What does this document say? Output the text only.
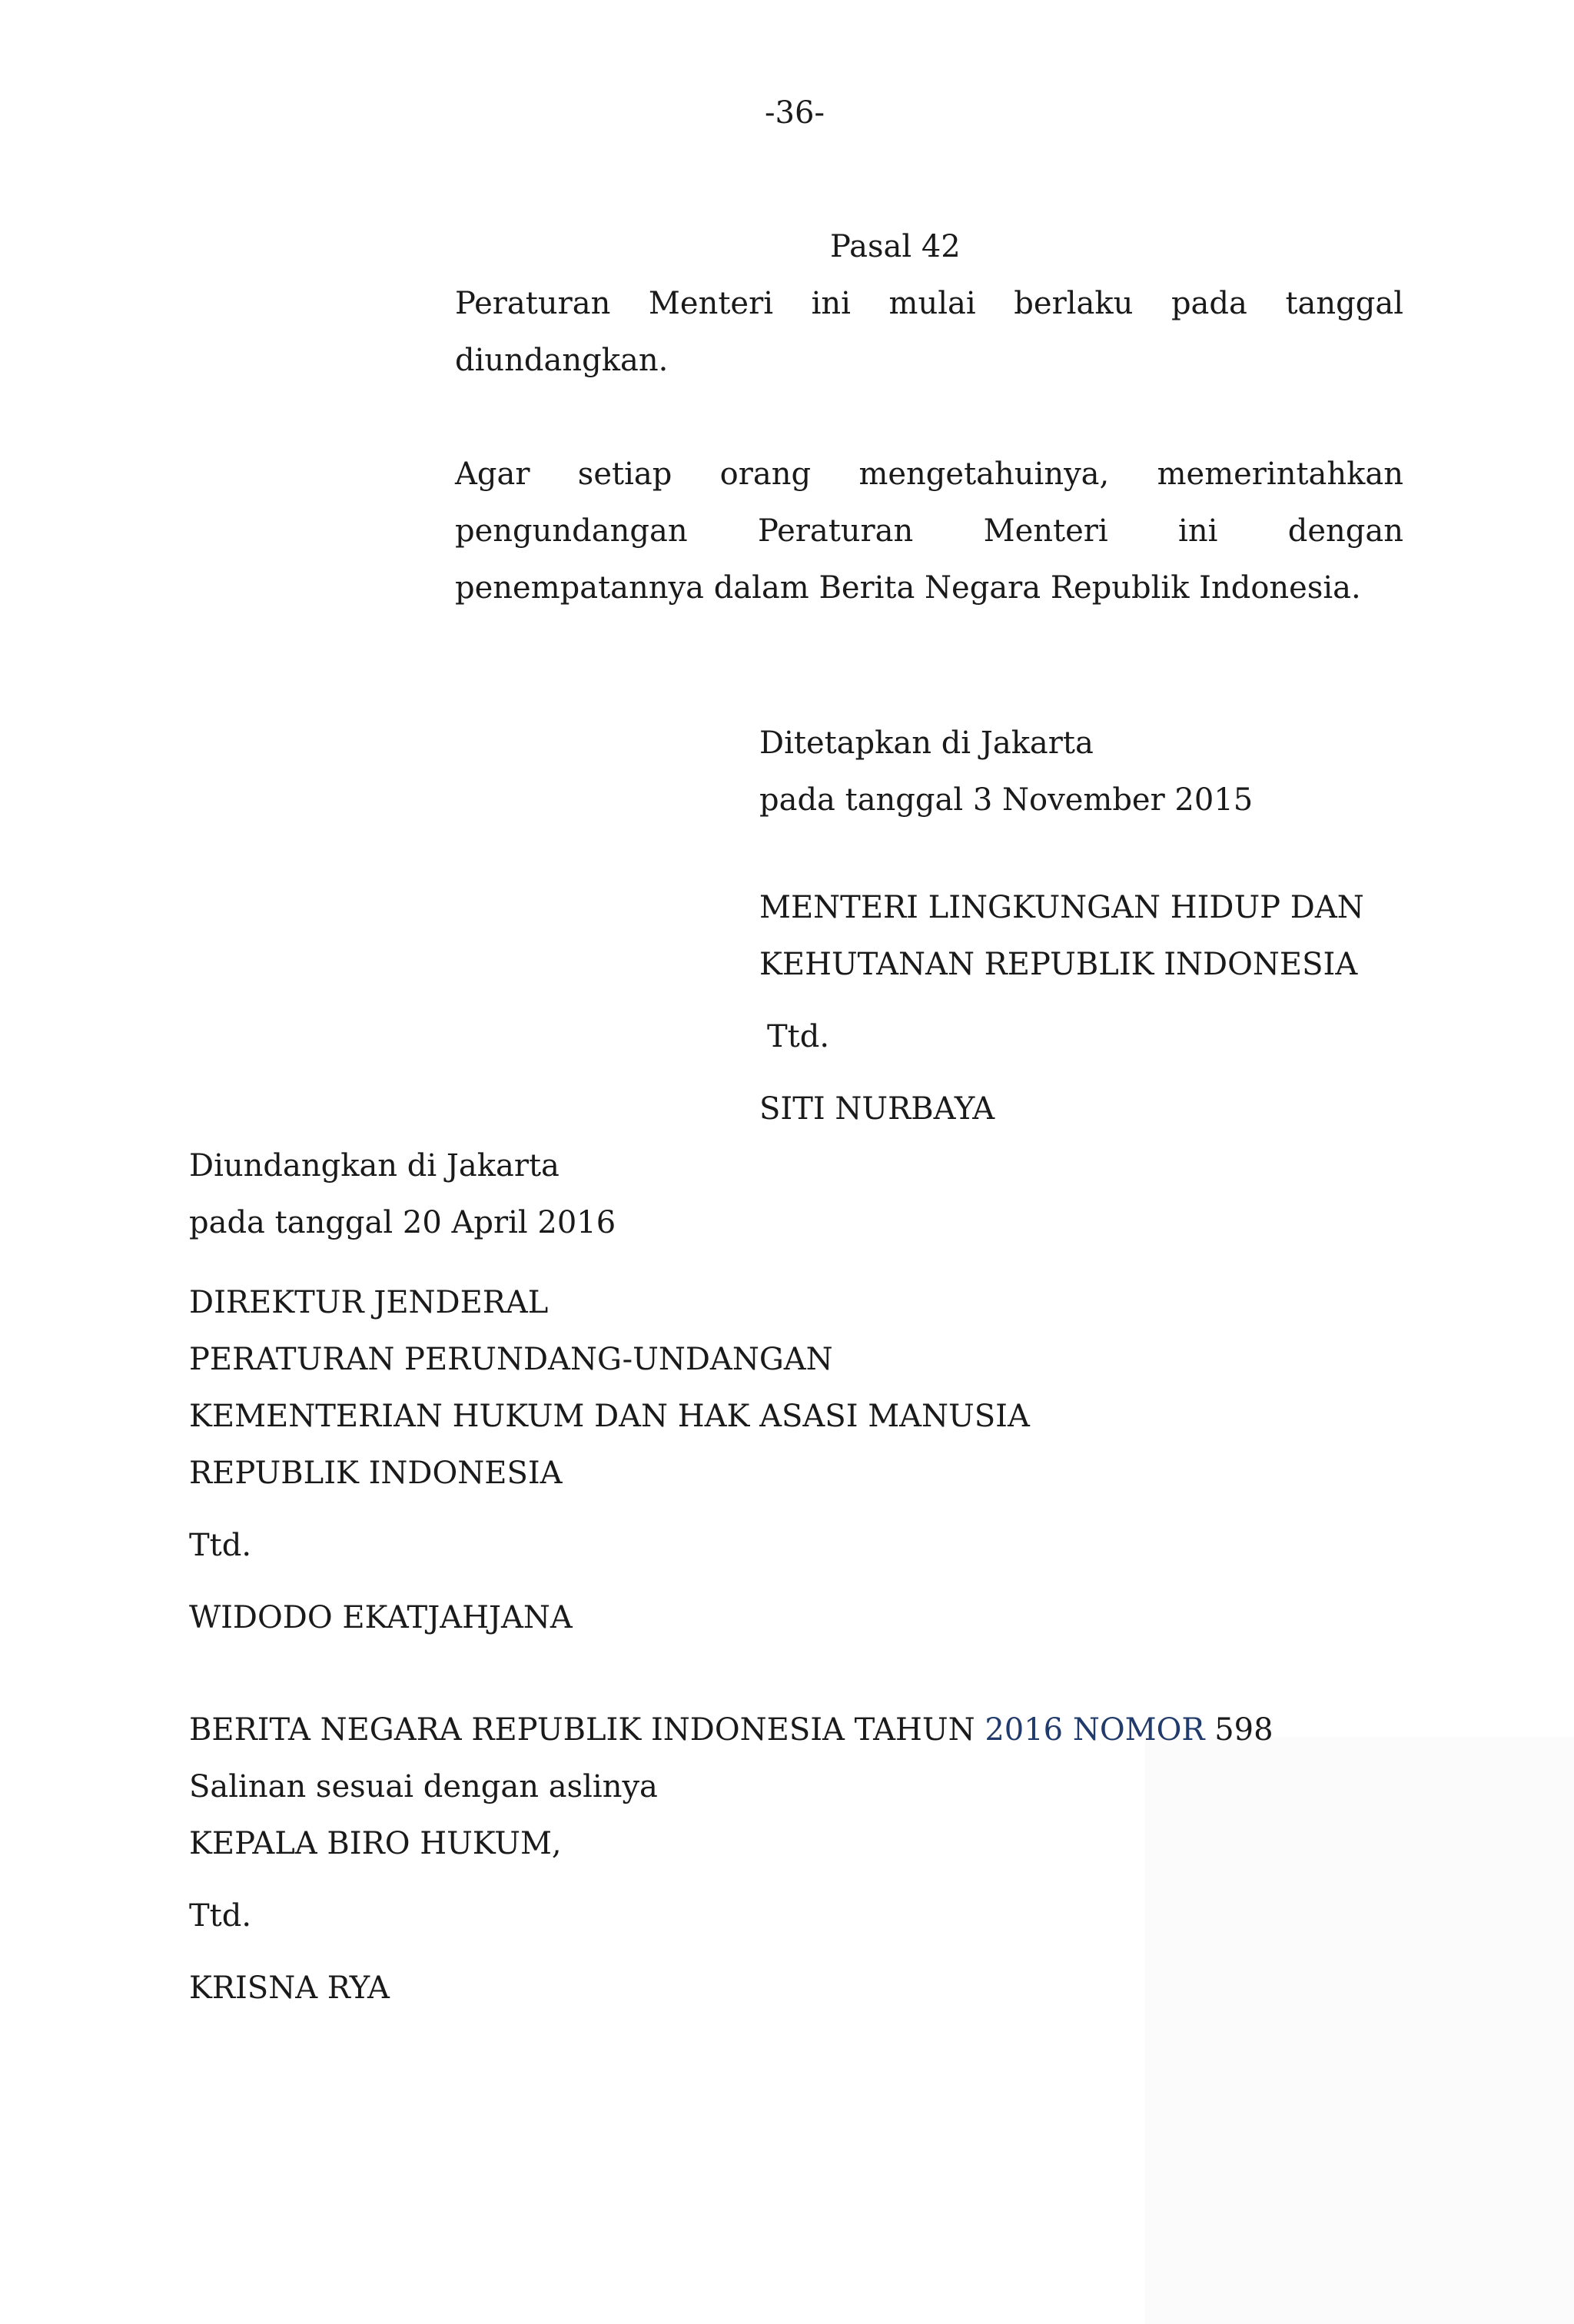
-36-
Pasal 42
Peraturan Menteri ini mulai berlaku pada tanggal
diundangkan.
Agar setiap orang mengetahuinya, memerintahkan
pengundangan Peraturan Menteri ini dengan
penempatannya dalam Berita Negara Republik Indonesia.
Ditetapkan di Jakarta
pada tanggal 3 November 2015
MENTERI LINGKUNGAN HIDUP DAN
KEHUTANAN REPUBLIK INDONESIA
Ttd.
SITI NURBAYA
Diundangkan di Jakarta
pada tanggal 20 April 2016
DIREKTUR JENDERAL
PERATURAN PERUNDANG-UNDANGAN
KEMENTERIAN HUKUM DAN HAK ASASI MANUSIA
REPUBLIK INDONESIA
Ttd.
WIDODO EKATJAHJANA
BERITA NEGARA REPUBLIK INDONESIA TAHUN 2016 NOMOR 598
Salinan sesuai dengan aslinya
KEPALA BIRO HUKUM,
Ttd.
KRISNA RYA
